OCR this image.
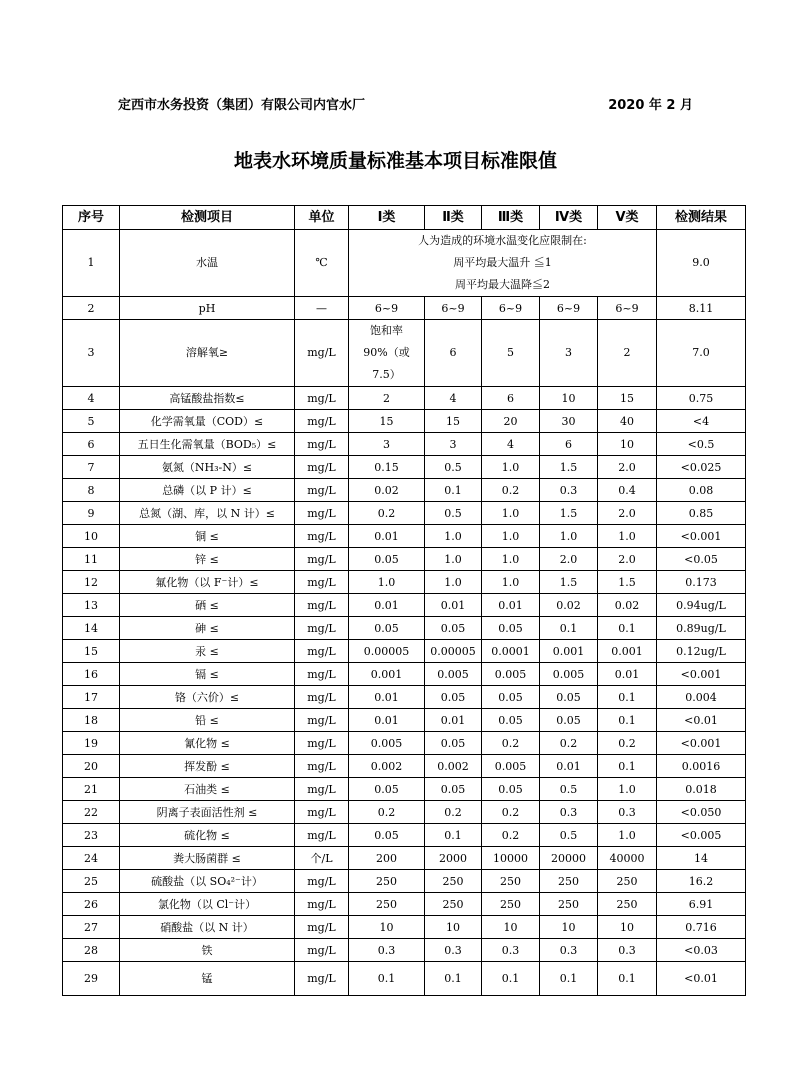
定西市水务投资（集团）有限公司内官水厂	2020 年 2 月
地表水环境质量标准基本项目标准限值
序号	检测项目	单位	Ⅰ类	Ⅱ类	Ⅲ类	Ⅳ类	Ⅴ类	检测结果
1	水温	℃	人为造成的环境水温变化应限制在:
周平均最大温升 ≦1
周平均最大温降≦2					9.0
2	pH	—	6~9	6~9	6~9	6~9	6~9	8.11
3	溶解氧≥	mg/L	饱和率
90%（或
7.5）	6	5	3	2	7.0
4	高锰酸盐指数≤	mg/L	2	4	6	10	15	0.75
5	化学需氧量（COD）≤	mg/L	15	15	20	30	40	<4
6	五日生化需氧量（BOD₅）≤	mg/L	3	3	4	6	10	<0.5
7	氨氮（NH₃-N）≤	mg/L	0.15	0.5	1.0	1.5	2.0	<0.025
8	总磷（以 P 计）≤	mg/L	0.02	0.1	0.2	0.3	0.4	0.08
9	总氮（湖、库，以 N 计）≤	mg/L	0.2	0.5	1.0	1.5	2.0	0.85
10	铜 ≤	mg/L	0.01	1.0	1.0	1.0	1.0	<0.001
11	锌 ≤	mg/L	0.05	1.0	1.0	2.0	2.0	<0.05
12	氟化物（以 F⁻计）≤	mg/L	1.0	1.0	1.0	1.5	1.5	0.173
13	硒 ≤	mg/L	0.01	0.01	0.01	0.02	0.02	0.94ug/L
14	砷 ≤	mg/L	0.05	0.05	0.05	0.1	0.1	0.89ug/L
15	汞 ≤	mg/L	0.00005	0.00005	0.0001	0.001	0.001	0.12ug/L
16	镉 ≤	mg/L	0.001	0.005	0.005	0.005	0.01	<0.001
17	铬（六价）≤	mg/L	0.01	0.05	0.05	0.05	0.1	0.004
18	铅 ≤	mg/L	0.01	0.01	0.05	0.05	0.1	<0.01
19	氰化物 ≤	mg/L	0.005	0.05	0.2	0.2	0.2	<0.001
20	挥发酚 ≤	mg/L	0.002	0.002	0.005	0.01	0.1	0.0016
21	石油类 ≤	mg/L	0.05	0.05	0.05	0.5	1.0	0.018
22	阴离子表面活性剂 ≤	mg/L	0.2	0.2	0.2	0.3	0.3	<0.050
23	硫化物 ≤	mg/L	0.05	0.1	0.2	0.5	1.0	<0.005
24	粪大肠菌群 ≤	个/L	200	2000	10000	20000	40000	14
25	硫酸盐（以 SO₄²⁻计）	mg/L	250	250	250	250	250	16.2
26	氯化物（以 Cl⁻计）	mg/L	250	250	250	250	250	6.91
27	硝酸盐（以 N 计）	mg/L	10	10	10	10	10	0.716
28	铁	mg/L	0.3	0.3	0.3	0.3	0.3	<0.03
29	锰	mg/L	0.1	0.1	0.1	0.1	0.1	<0.01
